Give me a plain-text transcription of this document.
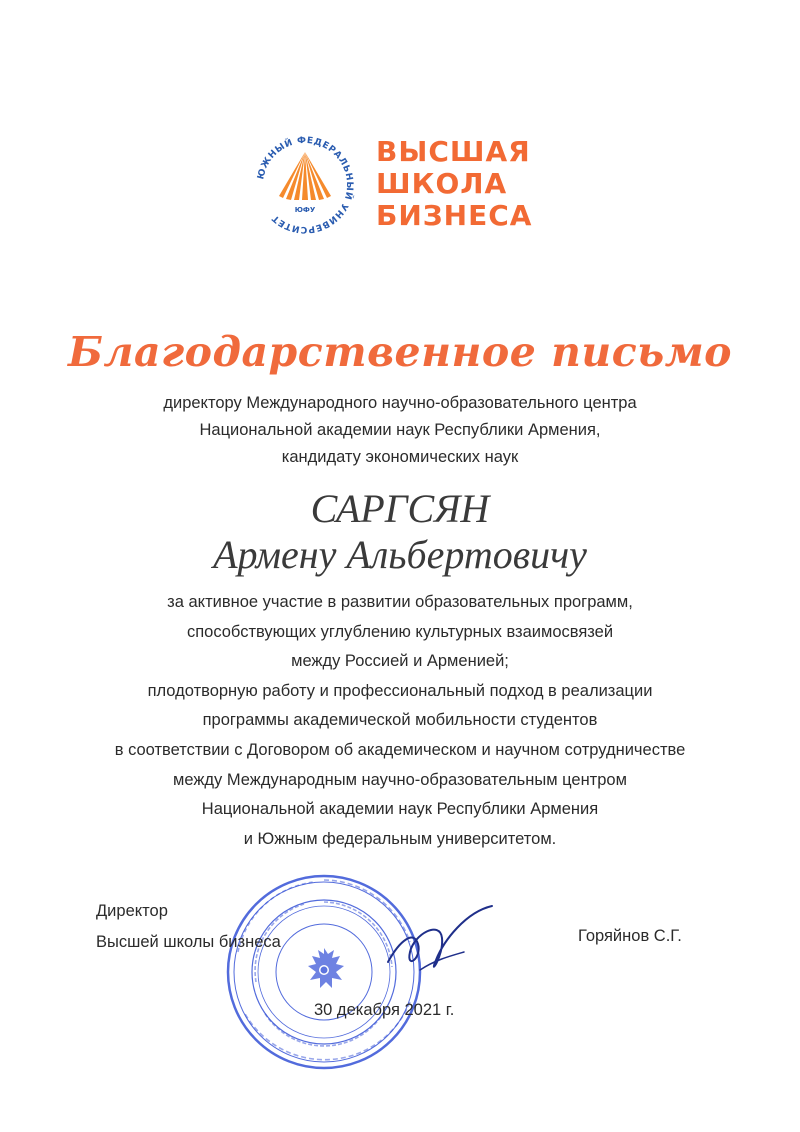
ЮЖНЫЙ ФЕДЕРАЛЬНЫЙ УНИВЕРСИТЕТ
ЮФУ
ВЫСШАЯ
ШКОЛА
БИЗНЕСА
Благодарственное письмо
директору Международного научно-образовательного центра
Национальной академии наук Республики Армения,
кандидату экономических наук
САРГСЯН
Армену Альбертовичу
за активное участие в развитии образовательных программ,
способствующих углублению культурных взаимосвязей
между Россией и Арменией;
плодотворную работу и профессиональный подход в реализации
программы академической мобильности студентов
в соответствии с Договором об академическом и научном сотрудничестве
между Международным научно-образовательным центром
Национальной академии наук Республики Армения
и Южным федеральным университетом.
Директор
Высшей школы бизнеса	Горяйнов С.Г.
30 декабря 2021 г.
